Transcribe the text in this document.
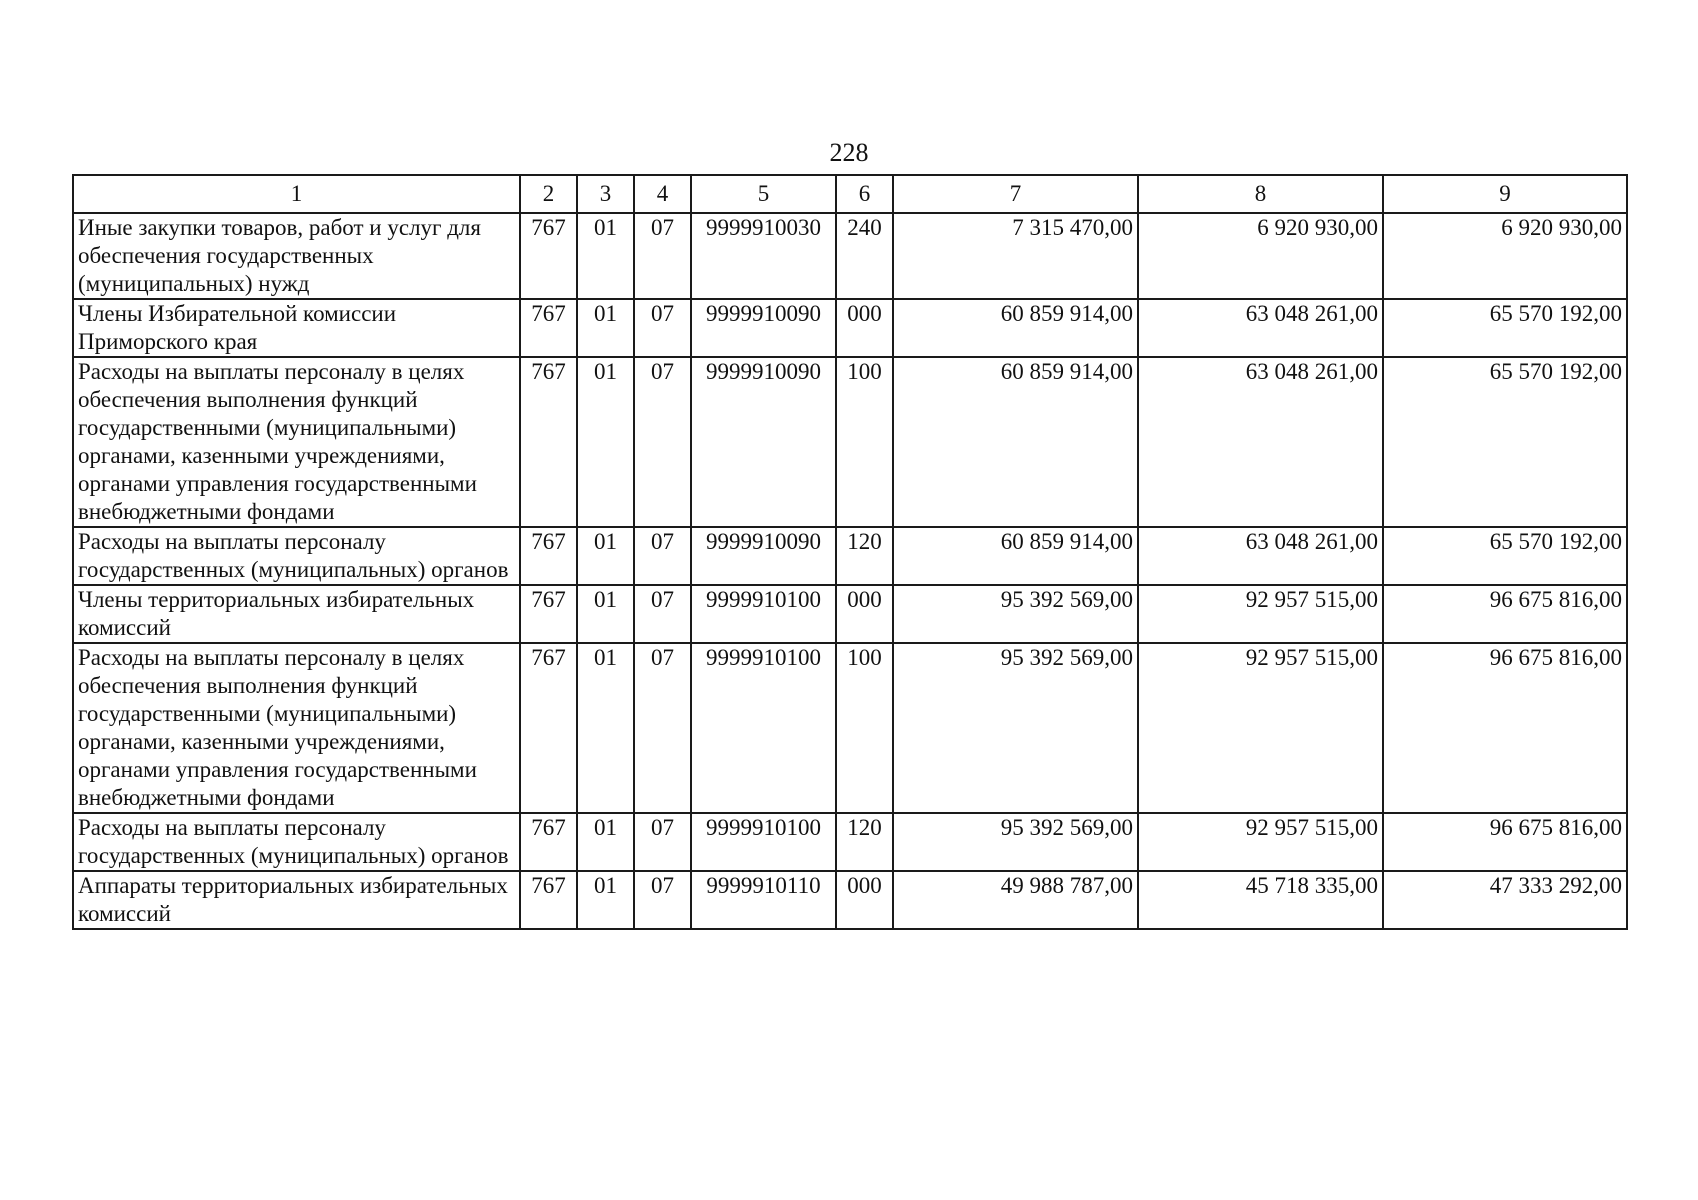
228
1	2	3	4	5	6	7	8	9
Иные закупки товаров, работ и услуг для обеспечения государственных (муниципальных) нужд	767	01	07	9999910030	240	7 315 470,00	6 920 930,00	6 920 930,00
Члены Избирательной комиссии Приморского края	767	01	07	9999910090	000	60 859 914,00	63 048 261,00	65 570 192,00
Расходы на выплаты персоналу в целях обеспечения выполнения функций государственными (муниципальными) органами, казенными учреждениями, органами управления государственными внебюджетными фондами	767	01	07	9999910090	100	60 859 914,00	63 048 261,00	65 570 192,00
Расходы на выплаты персоналу государственных (муниципальных) органов	767	01	07	9999910090	120	60 859 914,00	63 048 261,00	65 570 192,00
Члены территориальных избирательных комиссий	767	01	07	9999910100	000	95 392 569,00	92 957 515,00	96 675 816,00
Расходы на выплаты персоналу в целях обеспечения выполнения функций государственными (муниципальными) органами, казенными учреждениями, органами управления государственными внебюджетными фондами	767	01	07	9999910100	100	95 392 569,00	92 957 515,00	96 675 816,00
Расходы на выплаты персоналу государственных (муниципальных) органов	767	01	07	9999910100	120	95 392 569,00	92 957 515,00	96 675 816,00
Аппараты территориальных избирательных комиссий	767	01	07	9999910110	000	49 988 787,00	45 718 335,00	47 333 292,00
